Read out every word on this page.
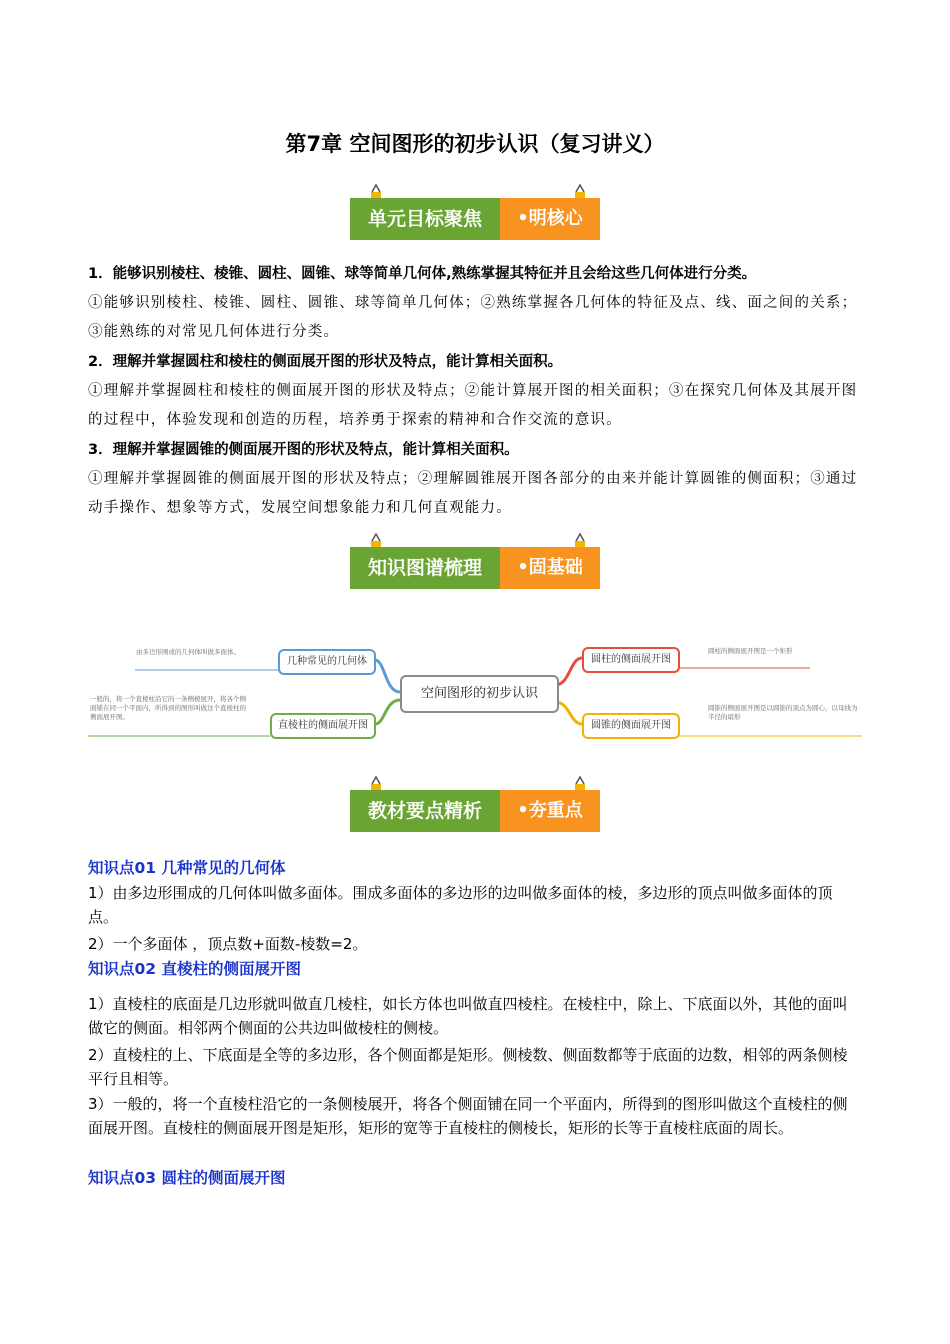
第7章 空间图形的初步认识（复习讲义）
单元目标聚焦	•明核心
1．能够识别棱柱、棱锥、圆柱、圆锥、球等简单几何体,熟练掌握其特征并且会给这些几何体进行分类。
①能够识别棱柱、棱锥、圆柱、圆锥、球等简单几何体；②熟练掌握各几何体的特征及点、线、面之间的关系；③能熟练的对常见几何体进行分类。
2．理解并掌握圆柱和棱柱的侧面展开图的形状及特点，能计算相关面积。
①理解并掌握圆柱和棱柱的侧面展开图的形状及特点；②能计算展开图的相关面积；③在探究几何体及其展开图的过程中，体验发现和创造的历程，培养勇于探索的精神和合作交流的意识。
3．理解并掌握圆锥的侧面展开图的形状及特点，能计算相关面积。
①理解并掌握圆锥的侧面展开图的形状及特点；②理解圆锥展开图各部分的由来并能计算圆锥的侧面积；③通过动手操作、想象等方式，发展空间想象能力和几何直观能力。
知识图谱梳理	•固基础
空间图形的初步认识
几种常见的几何体
直棱柱的侧面展开图
圆柱的侧面展开图
圆锥的侧面展开图
由多边形围成的几何体叫做多面体。
一般的，将一个直棱柱沿它的一条侧棱展开，将各个侧面铺在同一个平面内，所得到的图形叫做这个直棱柱的侧面展开图。
圆柱的侧面展开图是一个矩形
圆锥的侧面展开图是以圆锥的顶点为圆心，以母线为半径的扇形
教材要点精析	•夯重点
知识点01 几种常见的几何体
1）由多边形围成的几何体叫做多面体。围成多面体的多边形的边叫做多面体的棱，多边形的顶点叫做多面体的顶点。
2）一个多面体 ，顶点数+面数-棱数=2。
知识点02 直棱柱的侧面展开图
1）直棱柱的底面是几边形就叫做直几棱柱，如长方体也叫做直四棱柱。在棱柱中，除上、下底面以外，其他的面叫做它的侧面。相邻两个侧面的公共边叫做棱柱的侧棱。
2）直棱柱的上、下底面是全等的多边形，各个侧面都是矩形。侧棱数、侧面数都等于底面的边数，相邻的两条侧棱平行且相等。
3）一般的，将一个直棱柱沿它的一条侧棱展开，将各个侧面铺在同一个平面内，所得到的图形叫做这个直棱柱的侧面展开图。直棱柱的侧面展开图是矩形，矩形的宽等于直棱柱的侧棱长，矩形的长等于直棱柱底面的周长。
知识点03 圆柱的侧面展开图
